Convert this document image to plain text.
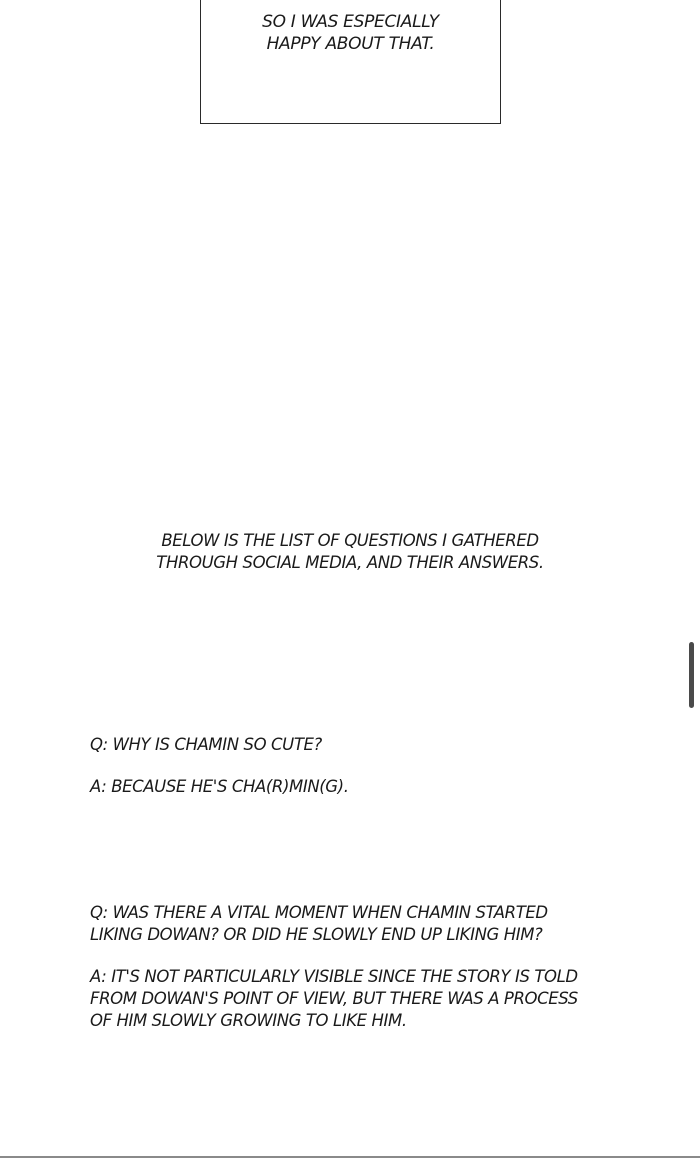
SO I WAS ESPECIALLY
HAPPY ABOUT THAT.
BELOW IS THE LIST OF QUESTIONS I GATHERED
THROUGH SOCIAL MEDIA, AND THEIR ANSWERS.
Q: WHY IS CHAMIN SO CUTE?
A: BECAUSE HE'S CHA(R)MIN(G).
Q: WAS THERE A VITAL MOMENT WHEN CHAMIN STARTED
LIKING DOWAN? OR DID HE SLOWLY END UP LIKING HIM?
A: IT'S NOT PARTICULARLY VISIBLE SINCE THE STORY IS TOLD
FROM DOWAN'S POINT OF VIEW, BUT THERE WAS A PROCESS
OF HIM SLOWLY GROWING TO LIKE HIM.
